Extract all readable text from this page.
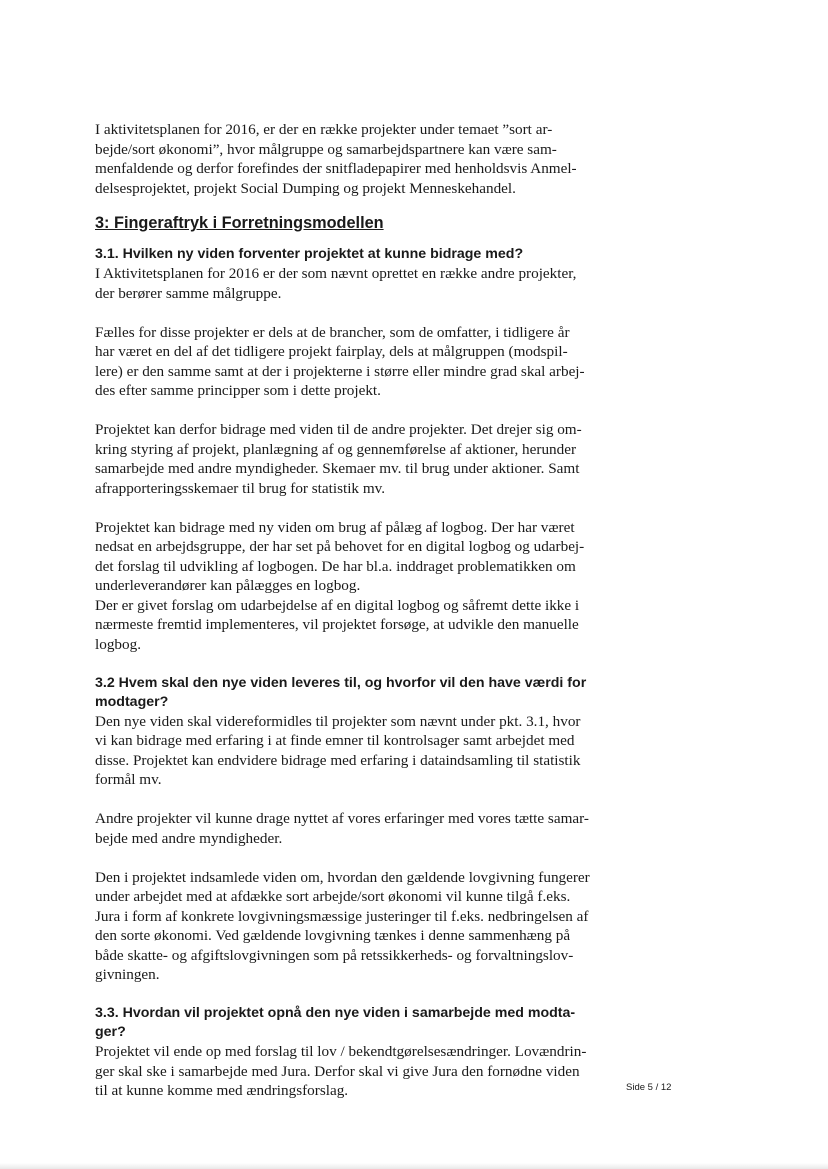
I aktivitetsplanen for 2016, er der en række projekter under temaet ”sort ar-
bejde/sort økonomi”, hvor målgruppe og samarbejdspartnere kan være sam-
menfaldende og derfor forefindes der snitfladepapirer med henholdsvis Anmel-
delsesprojektet, projekt Social Dumping og projekt Menneskehandel.

3: Fingeraftryk i Forretningsmodellen

3.1. Hvilken ny viden forventer projektet at kunne bidrage med?

I Aktivitetsplanen for 2016 er der som nævnt oprettet en række andre projekter,
der berører samme målgruppe.

Fælles for disse projekter er dels at de brancher, som de omfatter, i tidligere år
har været en del af det tidligere projekt fairplay, dels at målgruppen (modspil-
lere) er den samme samt at der i projekterne i større eller mindre grad skal arbej-
des efter samme principper som i dette projekt.

Projektet kan derfor bidrage med viden til de andre projekter. Det drejer sig om-
kring styring af projekt, planlægning af og gennemførelse af aktioner, herunder
samarbejde med andre myndigheder. Skemaer mv. til brug under aktioner. Samt
afrapporteringsskemaer til brug for statistik mv.

Projektet kan bidrage med ny viden om brug af pålæg af logbog. Der har været
nedsat en arbejdsgruppe, der har set på behovet for en digital logbog og udarbej-
det forslag til udvikling af logbogen. De har bl.a. inddraget problematikken om
underleverandører kan pålægges en logbog.
Der er givet forslag om udarbejdelse af en digital logbog og såfremt dette ikke i
nærmeste fremtid implementeres, vil projektet forsøge, at udvikle den manuelle
logbog.

3.2 Hvem skal den nye viden leveres til, og hvorfor vil den have værdi for
modtager?

Den nye viden skal videreformidles til projekter som nævnt under pkt. 3.1, hvor
vi kan bidrage med erfaring i at finde emner til kontrolsager samt arbejdet med
disse. Projektet kan endvidere bidrage med erfaring i dataindsamling til statistik
formål mv.

Andre projekter vil kunne drage nyttet af vores erfaringer med vores tætte samar-
bejde med andre myndigheder.

Den i projektet indsamlede viden om, hvordan den gældende lovgivning fungerer
under arbejdet med at afdække sort arbejde/sort økonomi vil kunne tilgå f.eks.
Jura i form af konkrete lovgivningsmæssige justeringer til f.eks. nedbringelsen af
den sorte økonomi. Ved gældende lovgivning tænkes i denne sammenhæng på
både skatte- og afgiftslovgivningen som på retssikkerheds- og forvaltningslov-
givningen.

3.3. Hvordan vil projektet opnå den nye viden i samarbejde med modta-
ger?

Projektet vil ende op med forslag til lov / bekendtgørelsesændringer. Lovændrin-
ger skal ske i samarbejde med Jura. Derfor skal vi give Jura den fornødne viden
til at kunne komme med ændringsforslag.	Side 5 / 12
